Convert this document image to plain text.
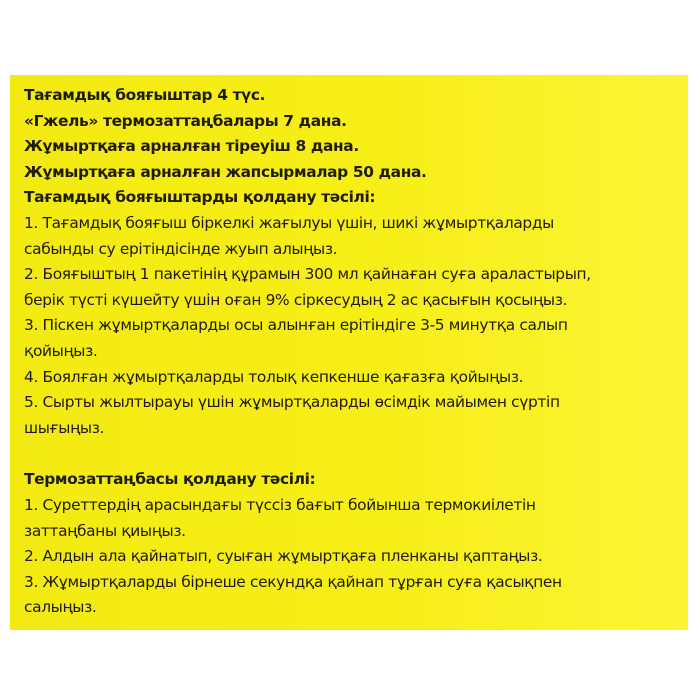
Тағамдық бояғыштар 4 түс.
«Гжель» термозаттаңбалары 7 дана.
Жұмыртқаға арналған тіреуіш 8 дана.
Жұмыртқаға арналған жапсырмалар 50 дана.
Тағамдық бояғыштарды қолдану тәсілі:
1. Тағамдық бояғыш біркелкі жағылуы үшін, шикі жұмыртқаларды
сабынды су ерітіндісінде жуып алыңыз.
2. Бояғыштың 1 пакетінің құрамын 300 мл қайнаған суға араластырып,
берік түсті күшейту үшін оған 9% сіркесудың 2 ас қасығын қосыңыз.
3. Піскен жұмыртқаларды осы алынған ерітіндіге 3-5 минутқа салып
қойыңыз.
4. Боялған жұмыртқаларды толық кепкенше қағазға қойыңыз.
5. Сырты жылтырауы үшін жұмыртқаларды өсімдік майымен сүртіп
шығыңыз.
Термозаттаңбасы қолдану тәсілі:
1. Суреттердің арасындағы түссіз бағыт бойынша термокиілетін
заттаңбаны қиыңыз.
2. Алдын ала қайнатып, суыған жұмыртқаға пленканы қаптаңыз.
3. Жұмыртқаларды бірнеше секундқа қайнап тұрған суға қасықпен
салыңыз.
